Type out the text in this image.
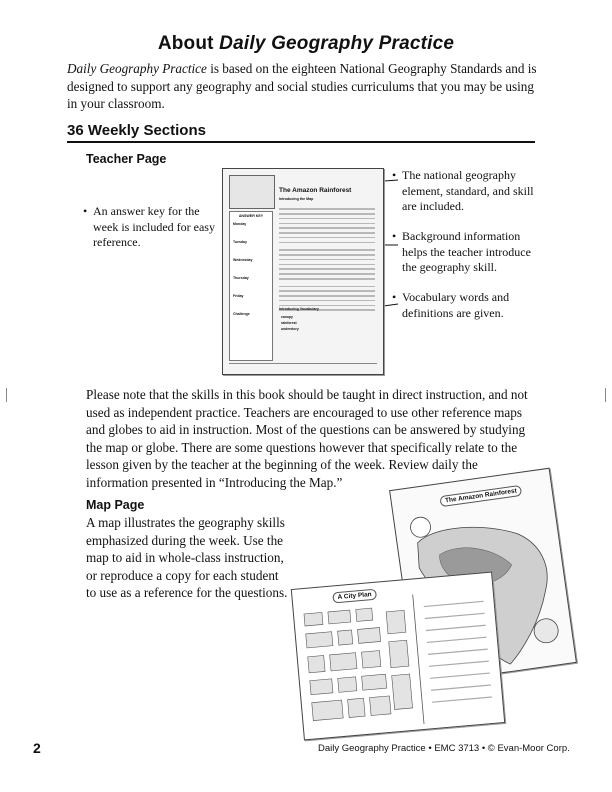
About Daily Geography Practice
Daily Geography Practice is based on the eighteen National Geography Standards and is designed to support any geography and social studies curriculums that you may be using in your classroom.
36 Weekly Sections
Teacher Page
• An answer key for the week is included for easy reference.
• The national geography element, standard, and skill are included.
• Background information helps the teacher introduce the geography skill.
• Vocabulary words and definitions are given.
The Amazon Rainforest
Introducing the Map
ANSWER KEY
Monday
Tuesday
Wednesday
Thursday
Friday
Challenge
Introducing Vocabulary
canopy
rainforest
understory
Please note that the skills in this book should be taught in direct instruction, and not used as independent practice. Teachers are encouraged to use other reference maps and globes to aid in instruction. Most of the questions can be answered by studying the map or globe. There are some questions however that specifically relate to the lesson given by the teacher at the beginning of the week. Review daily the information presented in “Introducing the Map.”
Map Page
A map illustrates the geography skills emphasized during the week. Use the map to aid in whole-class instruction, or reproduce a copy for each student to use as a reference for the questions.
The Amazon Rainforest
A City Plan
2	Daily Geography Practice • EMC 3713 • © Evan-Moor Corp.
